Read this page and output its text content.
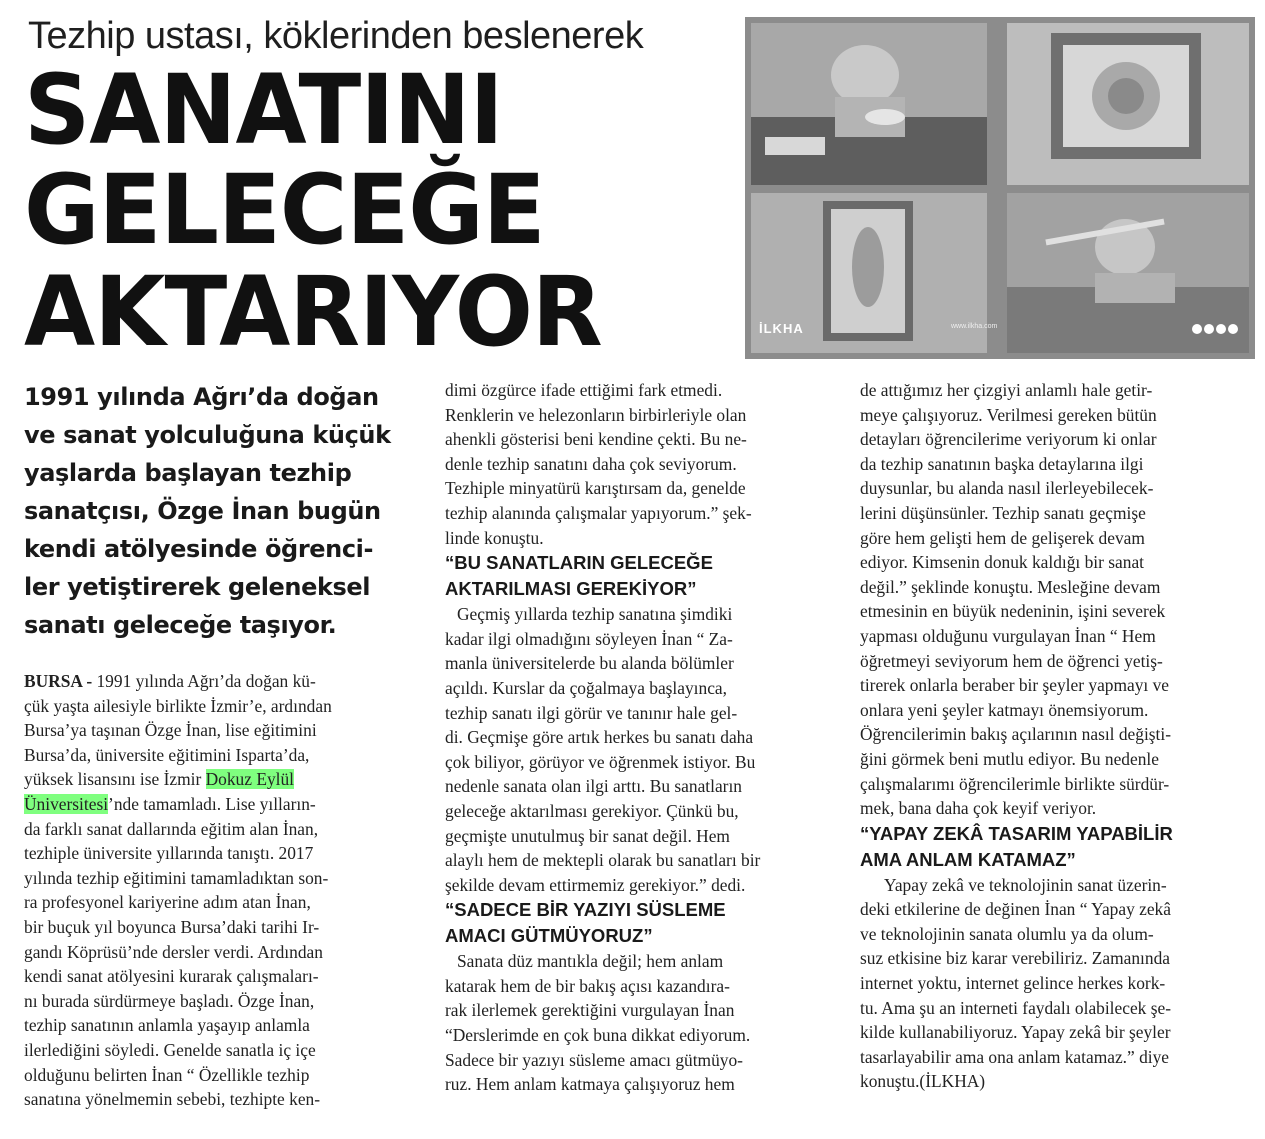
Tezhip ustası, köklerinden beslenerek
SANATINI
GELECEĞE
AKTARIYOR	İLKHA	www.ilkha.com
1991 yılında Ağrı’da doğan
ve sanat yolculuğuna küçük
yaşlarda başlayan tezhip
sanatçısı, Özge İnan bugün
kendi atölyesinde öğrenci-
ler yetiştirerek geleneksel
sanatı geleceğe taşıyor.
BURSA - 1991 yılında Ağrı’da doğan kü-
çük yaşta ailesiyle birlikte İzmir’e, ardından
Bursa’ya taşınan Özge İnan, lise eğitimini
Bursa’da, üniversite eğitimini Isparta’da,
yüksek lisansını ise İzmir Dokuz Eylül
Üniversitesi’nde tamamladı. Lise yılların-
da farklı sanat dallarında eğitim alan İnan,
tezhiple üniversite yıllarında tanıştı. 2017
yılında tezhip eğitimini tamamladıktan son-
ra profesyonel kariyerine adım atan İnan,
bir buçuk yıl boyunca Bursa’daki tarihi Ir-
gandı Köprüsü’nde dersler verdi. Ardından
kendi sanat atölyesini kurarak çalışmaları-
nı burada sürdürmeye başladı. Özge İnan,
tezhip sanatının anlamla yaşayıp anlamla
ilerlediğini söyledi. Genelde sanatla iç içe
olduğunu belirten İnan “ Özellikle tezhip
sanatına yönelmemin sebebi, tezhipte ken-
dimi özgürce ifade ettiğimi fark etmedi.
Renklerin ve helezonların birbirleriyle olan
ahenkli gösterisi beni kendine çekti. Bu ne-
denle tezhip sanatını daha çok seviyorum.
Tezhiple minyatürü karıştırsam da, genelde
tezhip alanında çalışmalar yapıyorum.” şek-
linde konuştu.
“BU SANATLARIN GELECEĞE
AKTARILMASI GEREKİYOR”
Geçmiş yıllarda tezhip sanatına şimdiki
kadar ilgi olmadığını söyleyen İnan “ Za-
manla üniversitelerde bu alanda bölümler
açıldı. Kurslar da çoğalmaya başlayınca,
tezhip sanatı ilgi görür ve tanınır hale gel-
di. Geçmişe göre artık herkes bu sanatı daha
çok biliyor, görüyor ve öğrenmek istiyor. Bu
nedenle sanata olan ilgi arttı. Bu sanatların
geleceğe aktarılması gerekiyor. Çünkü bu,
geçmişte unutulmuş bir sanat değil. Hem
alaylı hem de mektepli olarak bu sanatları bir
şekilde devam ettirmemiz gerekiyor.” dedi.
“SADECE BİR YAZIYI SÜSLEME
AMACI GÜTMÜYORUZ”
Sanata düz mantıkla değil; hem anlam
katarak hem de bir bakış açısı kazandıra-
rak ilerlemek gerektiğini vurgulayan İnan
“Derslerimde en çok buna dikkat ediyorum.
Sadece bir yazıyı süsleme amacı gütmüyo-
ruz. Hem anlam katmaya çalışıyoruz hem
de attığımız her çizgiyi anlamlı hale getir-
meye çalışıyoruz. Verilmesi gereken bütün
detayları öğrencilerime veriyorum ki onlar
da tezhip sanatının başka detaylarına ilgi
duysunlar, bu alanda nasıl ilerleyebilecek-
lerini düşünsünler. Tezhip sanatı geçmişe
göre hem gelişti hem de gelişerek devam
ediyor. Kimsenin donuk kaldığı bir sanat
değil.” şeklinde konuştu. Mesleğine devam
etmesinin en büyük nedeninin, işini severek
yapması olduğunu vurgulayan İnan “ Hem
öğretmeyi seviyorum hem de öğrenci yetiş-
tirerek onlarla beraber bir şeyler yapmayı ve
onlara yeni şeyler katmayı önemsiyorum.
Öğrencilerimin bakış açılarının nasıl değişti-
ğini görmek beni mutlu ediyor. Bu nedenle
çalışmalarımı öğrencilerimle birlikte sürdür-
mek, bana daha çok keyif veriyor.
“YAPAY ZEKÂ TASARIM YAPABİLİR
AMA ANLAM KATAMAZ”
Yapay zekâ ve teknolojinin sanat üzerin-
deki etkilerine de değinen İnan “ Yapay zekâ
ve teknolojinin sanata olumlu ya da olum-
suz etkisine biz karar verebiliriz. Zamanında
internet yoktu, internet gelince herkes kork-
tu. Ama şu an interneti faydalı olabilecek şe-
kilde kullanabiliyoruz. Yapay zekâ bir şeyler
tasarlayabilir ama ona anlam katamaz.” diye
konuştu.(İLKHA)
